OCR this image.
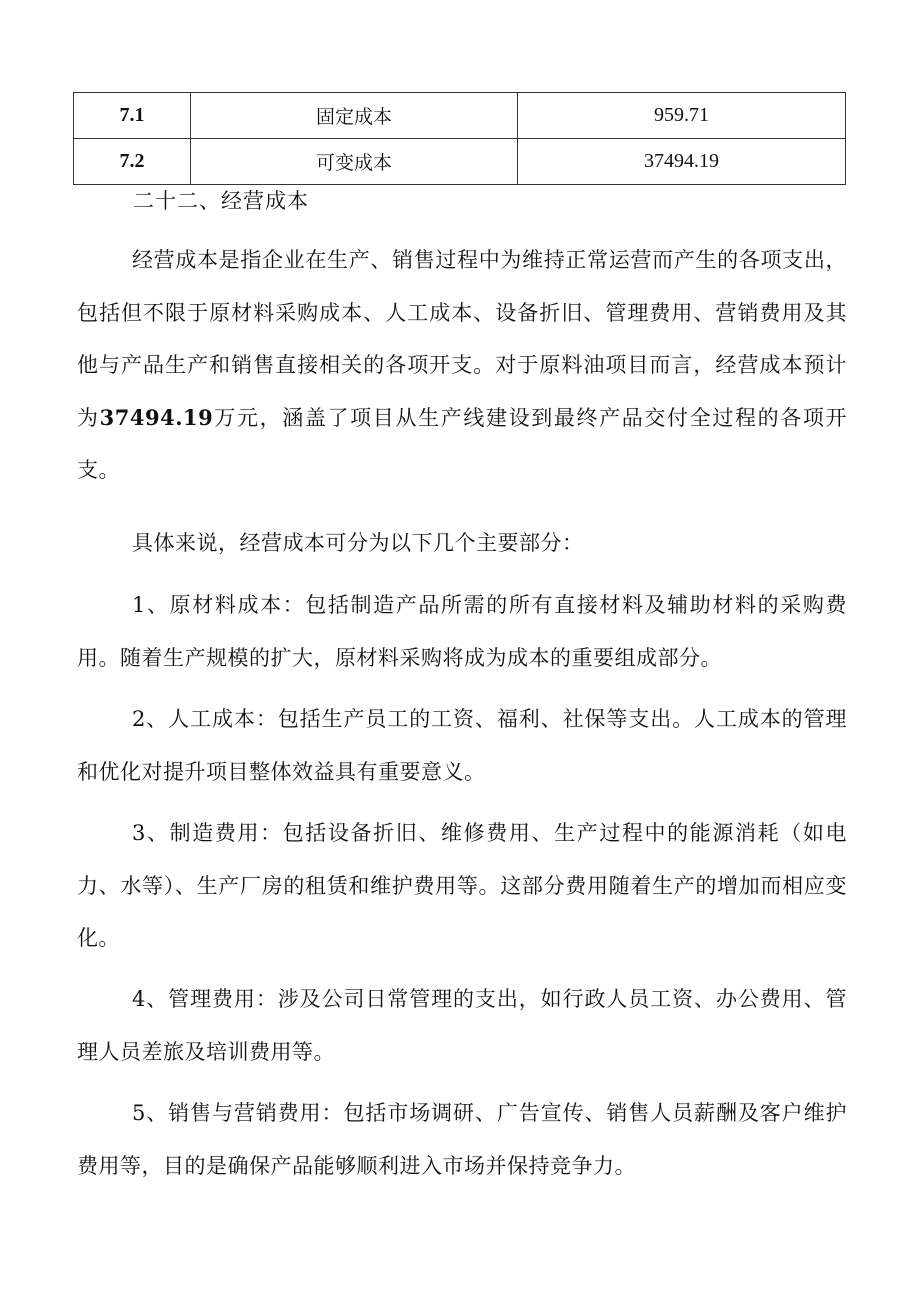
7.1	固定成本	959.71
7.2	可变成本	37494.19
二十二、经营成本

经营成本是指企业在生产、销售过程中为维持正常运营而产生的各项支出，包括但不限于原材料采购成本、人工成本、设备折旧、管理费用、营销费用及其他与产品生产和销售直接相关的各项开支。对于原料油项目而言，经营成本预计为37494.19万元，涵盖了项目从生产线建设到最终产品交付全过程的各项开支。

具体来说，经营成本可分为以下几个主要部分：

1、原材料成本：包括制造产品所需的所有直接材料及辅助材料的采购费用。随着生产规模的扩大，原材料采购将成为成本的重要组成部分。

2、人工成本：包括生产员工的工资、福利、社保等支出。人工成本的管理和优化对提升项目整体效益具有重要意义。

3、制造费用：包括设备折旧、维修费用、生产过程中的能源消耗（如电力、水等）、生产厂房的租赁和维护费用等。这部分费用随着生产的增加而相应变化。

4、管理费用：涉及公司日常管理的支出，如行政人员工资、办公费用、管理人员差旅及培训费用等。

5、销售与营销费用：包括市场调研、广告宣传、销售人员薪酬及客户维护费用等，目的是确保产品能够顺利进入市场并保持竞争力。
